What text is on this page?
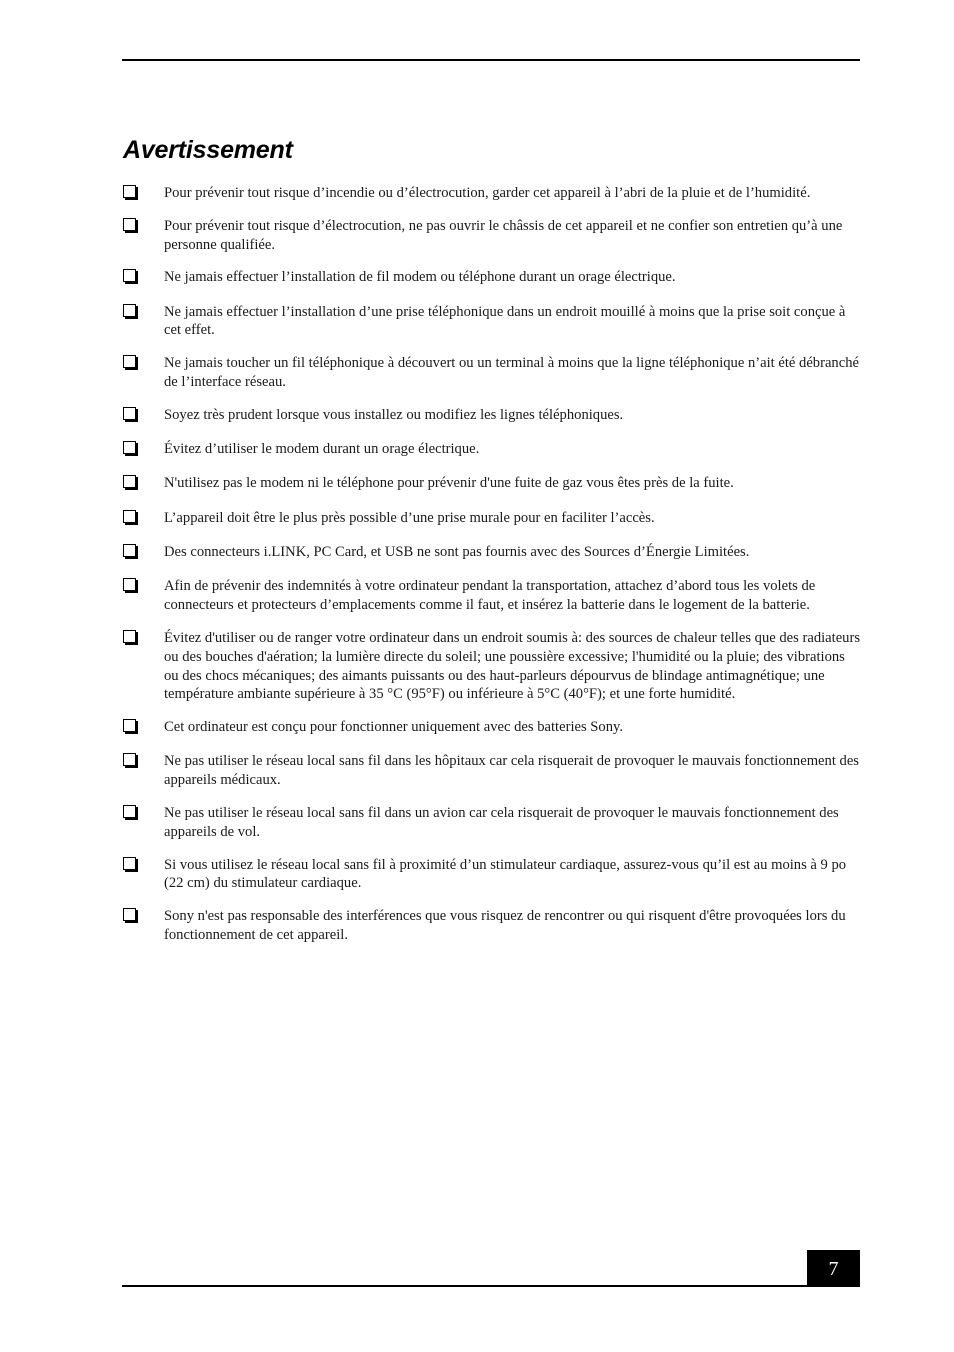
Avertissement
Pour prévenir tout risque d’incendie ou d’électrocution, garder cet appareil à l’abri de la pluie et de l’humidité.
Pour prévenir tout risque d’électrocution, ne pas ouvrir le châssis de cet appareil et ne confier son entretien qu’à une personne qualifiée.
Ne jamais effectuer l’installation de fil modem ou téléphone durant un orage électrique.
Ne jamais effectuer l’installation d’une prise téléphonique dans un endroit mouillé à moins que la prise soit conçue à cet effet.
Ne jamais toucher un fil téléphonique à découvert ou un terminal à moins que la ligne téléphonique n’ait été débranché de l’interface réseau.
Soyez très prudent lorsque vous installez ou modifiez les lignes téléphoniques.
Évitez d’utiliser le modem durant un orage électrique.
N'utilisez pas le modem ni le téléphone pour prévenir d'une fuite de gaz vous êtes près de la fuite.
L’appareil doit être le plus près possible d’une prise murale pour en faciliter l’accès.
Des connecteurs i.LINK, PC Card, et USB ne sont pas fournis avec des Sources d’Énergie Limitées.
Afin de prévenir des indemnités à votre ordinateur pendant la transportation, attachez d’abord tous les volets de connecteurs et protecteurs d’emplacements comme il faut, et insérez la batterie dans le logement de la batterie.
Évitez d'utiliser ou de ranger votre ordinateur dans un endroit soumis à: des sources de chaleur telles que des radiateurs ou des bouches d'aération; la lumière directe du soleil; une poussière excessive; l'humidité ou la pluie; des vibrations ou des chocs mécaniques; des aimants puissants ou des haut-parleurs dépourvus de blindage antimagnétique; une température ambiante supérieure à 35 °C (95°F) ou inférieure à 5°C (40°F); et une forte humidité.
Cet ordinateur est conçu pour fonctionner uniquement avec des batteries Sony.
Ne pas utiliser le réseau local sans fil dans les hôpitaux car cela risquerait de provoquer le mauvais fonctionnement des appareils médicaux.
Ne pas utiliser le réseau local sans fil dans un avion car cela risquerait de provoquer le mauvais fonctionnement des appareils de vol.
Si vous utilisez le réseau local sans fil à proximité d’un stimulateur cardiaque, assurez-vous qu’il est au moins à 9 po (22 cm) du stimulateur cardiaque.
Sony n'est pas responsable des interférences que vous risquez de rencontrer ou qui risquent d'être provoquées lors du fonctionnement de cet appareil.
7
